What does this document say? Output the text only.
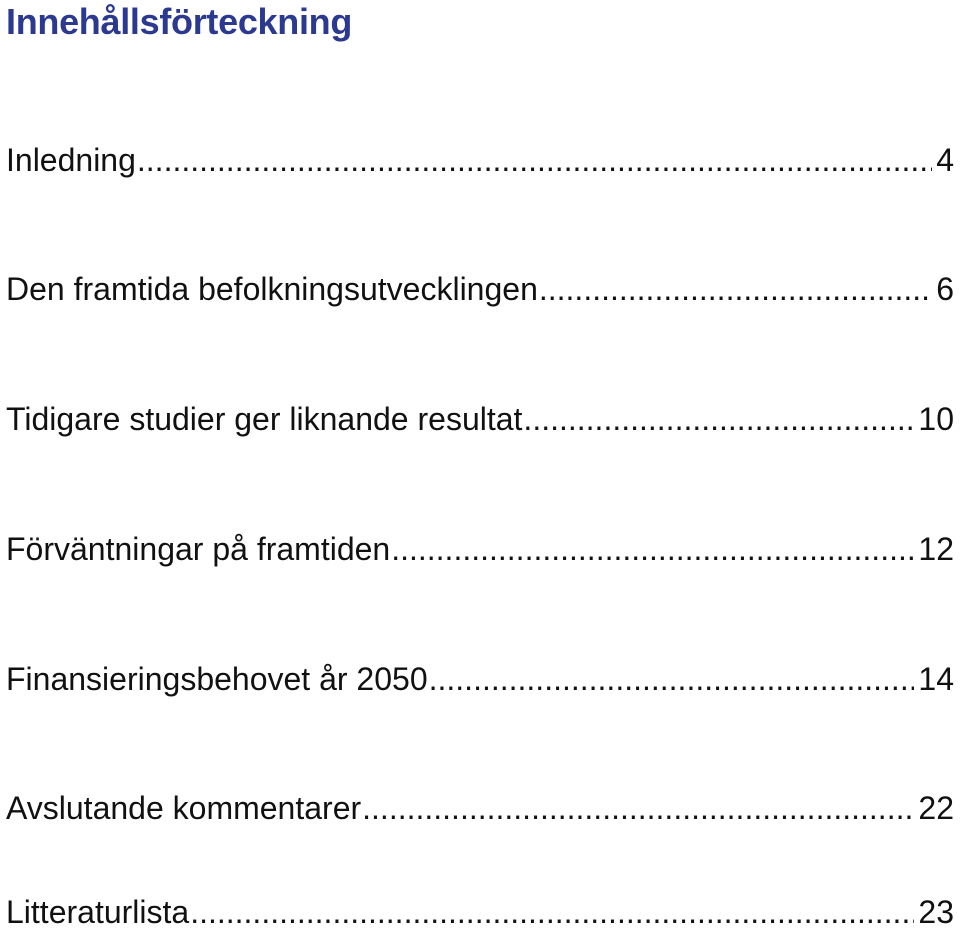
Innehållsförteckning
Inledning .....	4
Den framtida befolkningsutvecklingen .....	6
Tidigare studier ger liknande resultat .....	10
Förväntningar på framtiden .....	12
Finansieringsbehovet år 2050 .....	14
Avslutande kommentarer .....	22
Litteraturlista .....	23
